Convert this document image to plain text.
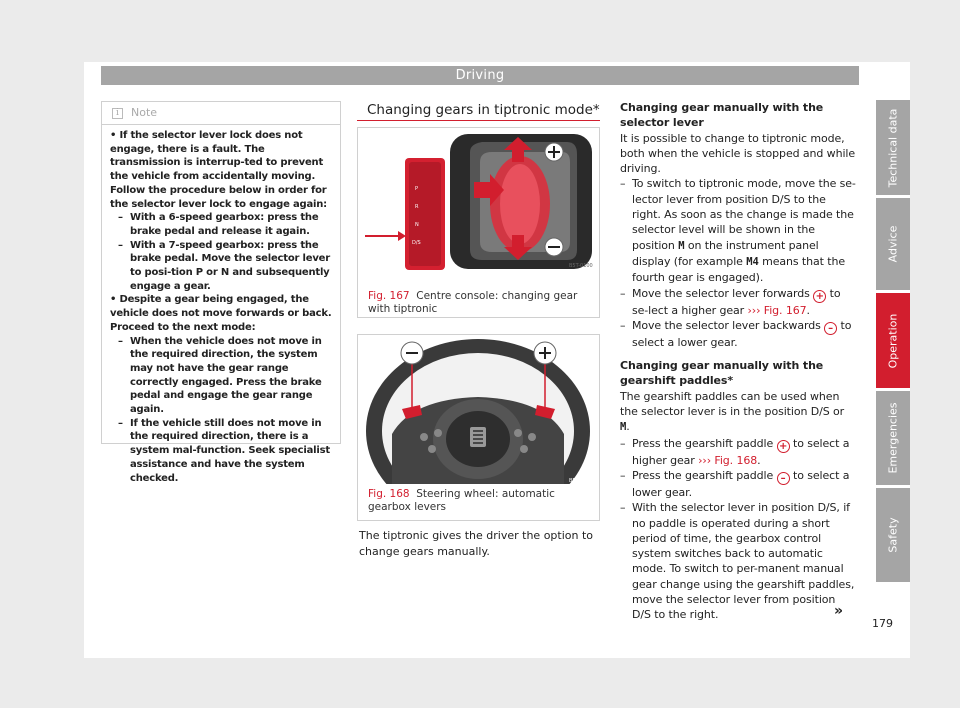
Driving
Technical data
Advice
Operation
Emergencies
Safety
i	Note
• If the selector lever lock does not engage, there is a fault. The transmission is interrup-ted to prevent the vehicle from accidentally moving. Follow the procedure below in order for the selector lever lock to engage again:
– With a 6-speed gearbox: press the brake pedal and release it again.
– With a 7-speed gearbox: press the brake pedal. Move the selector lever to posi-tion P or N and subsequently engage a gear.
• Despite a gear being engaged, the vehicle does not move forwards or back. Proceed to the next mode:
– When the vehicle does not move in the required direction, the system may not have the gear range correctly engaged. Press the brake pedal and engage the gear range again.
– If the vehicle still does not move in the required direction, there is a system mal-function. Seek specialist assistance and have the system checked.
Changing gears in tiptronic mode*
P
R
N
D/S
B5T-0100
Fig. 167 Centre console: changing gear with tiptronic
B5F-0402
Fig. 168 Steering wheel: automatic gearbox levers
The tiptronic gives the driver the option to change gears manually.

Changing gear manually with the selector lever

It is possible to change to tiptronic mode, both when the vehicle is stopped and while driving.

– To switch to tiptronic mode, move the se-lector lever from position D/S to the right. As soon as the change is made the selector level will be shown in the position M on the instrument panel display (for example M4 means that the fourth gear is engaged).
– Move the selector lever forwards + to se-lect a higher gear ››› Fig. 167.
– Move the selector lever backwards – to select a lower gear.

Changing gear manually with the gearshift paddles*

The gearshift paddles can be used when the selector lever is in the position D/S or M.

– Press the gearshift paddle + to select a higher gear ››› Fig. 168.
– Press the gearshift paddle – to select a lower gear.
– With the selector lever in position D/S, if no paddle is operated during a short period of time, the gearbox control system switches back to automatic mode. To switch to per-manent manual gear change using the gearshift paddles, move the selector lever from position D/S to the right.	»
179
